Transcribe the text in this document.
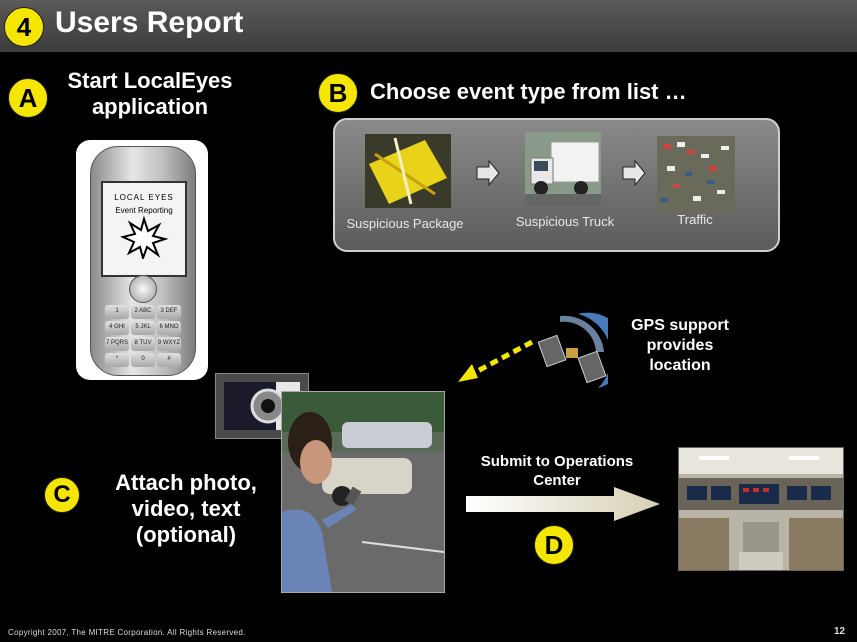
4 Users Report
A
Start LocalEyes
application
LOCAL EYES
Event Reporting
1	2 ABC	3 DEF
4 GHI	5 JKL	6 MNO
7 PQRS	8 TUV	9 WXYZ
*	0	#
B	Choose event type from list …
Suspicious Package	Suspicious Truck	Traffic
GPS support
provides
location
C	Attach photo,
video, text
(optional)
Submit to Operations
Center
D
Copyright 2007, The MITRE Corporation. All Rights Reserved.	12
